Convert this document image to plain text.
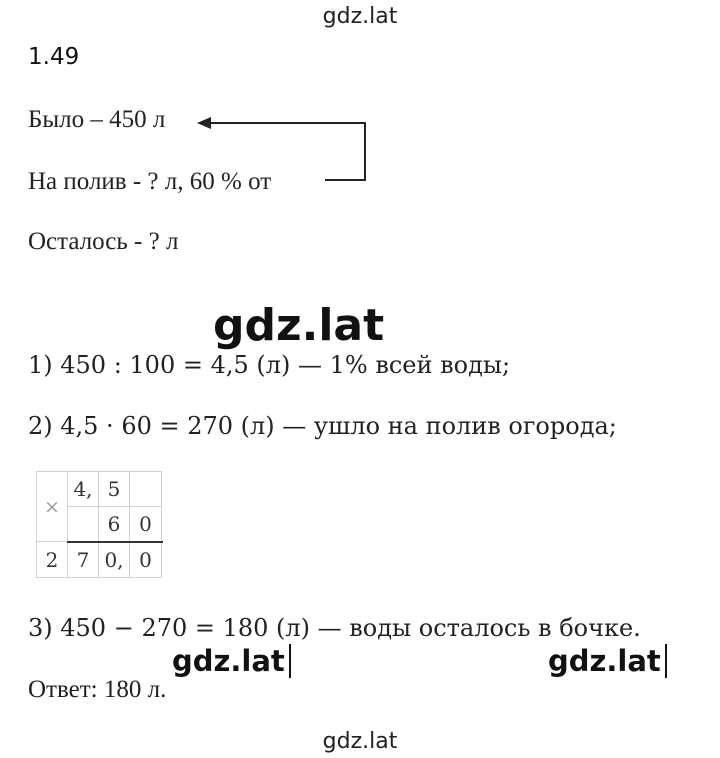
gdz.lat
1.49
Было – 450 л
На полив - ? л, 60 % от
Осталось - ? л
gdz.lat
1) 450 : 100 = 4,5 (л) — 1% всей воды;
2) 4,5 · 60 = 270 (л) — ушло на полив огорода;
×
4, 5
6 0
2 7 0, 0
3) 450 − 270 = 180 (л) — воды осталось в бочке.
gdz.lat	gdz.lat
Ответ: 180 л.
gdz.lat
